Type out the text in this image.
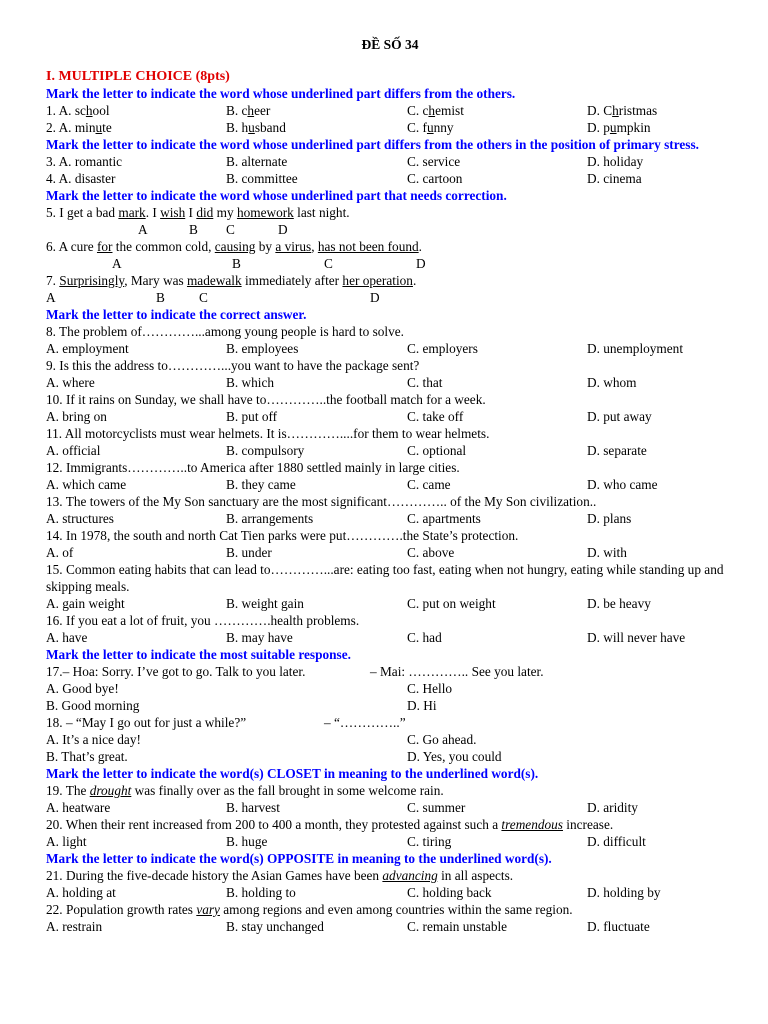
ĐỀ SỐ 34
I. MULTIPLE CHOICE (8pts)
Mark the letter to indicate the word whose underlined part differs from the others.
1. A. school	B. cheer	C. chemist	D. Christmas
2. A. minute	B. husband	C. funny	D. pumpkin
Mark the letter to indicate the word whose underlined part differs from the others in the position of primary stress.
3. A. romantic	B. alternate	C. service	D. holiday
4. A. disaster	B. committee	C. cartoon	D. cinema
Mark the letter to indicate the word whose underlined part that needs correction.
5. I get a bad mark. I wish I did my homework last night.
A	B C	D
6. A cure for the common cold, causing by a virus, has not been found.
A	B	C	D
7. Surprisingly, Mary was madewalk immediately after her operation.
A	B	C	D
Mark the letter to indicate the correct answer.
8. The problem of…………...among young people is hard to solve.
A. employment	B. employees	C. employers	D. unemployment
9. Is this the address to…………...you want to have the package sent?
A. where	B. which	C. that	D. whom
10. If it rains on Sunday, we shall have to…………..the football match for a week.
A. bring on	B. put off	C. take off	D. put away
11. All motorcyclists must wear helmets. It is…………....for them to wear helmets.
A. official	B. compulsory	C. optional	D. separate
12. Immigrants…………..to America after 1880 settled mainly in large cities.
A. which came	B. they came	C. came	D. who came
13. The towers of the My Son sanctuary are the most significant………….. of the My Son civilization..
A. structures	B. arrangements	C. apartments	D. plans
14. In 1978, the south and north Cat Tien parks were put………….the State’s protection.
A. of	B. under	C. above	D. with
15. Common eating habits that can lead to…………...are: eating too fast, eating when not hungry, eating while standing up and skipping meals.
A. gain weight	B. weight gain	C. put on weight	D. be heavy
16. If you eat a lot of fruit, you ………….health problems.
A. have	B. may have	C. had	D. will never have
Mark the letter to indicate the most suitable response.
17.– Hoa: Sorry. I’ve got to go. Talk to you later.	– Mai: ………….. See you later.
A. Good bye!	C. Hello
B. Good morning	D. Hi
18. – “May I go out for just a while?”	– “…………..”
A. It’s a nice day!	C. Go ahead.
B. That’s great.	D. Yes, you could
Mark the letter to indicate the word(s) CLOSET in meaning to the underlined word(s).
19. The drought was finally over as the fall brought in some welcome rain.
A. heatware	B. harvest	C. summer	D. aridity
20. When their rent increased from 200 to 400 a month, they protested against such a tremendous increase.
A. light	B. huge	C. tiring	D. difficult
Mark the letter to indicate the word(s) OPPOSITE in meaning to the underlined word(s).
21. During the five-decade history the Asian Games have been advancing in all aspects.
A. holding at	B. holding to	C. holding back	D. holding by
22. Population growth rates vary among regions and even among countries within the same region.
A. restrain	B. stay unchanged	C. remain unstable	D. fluctuate
